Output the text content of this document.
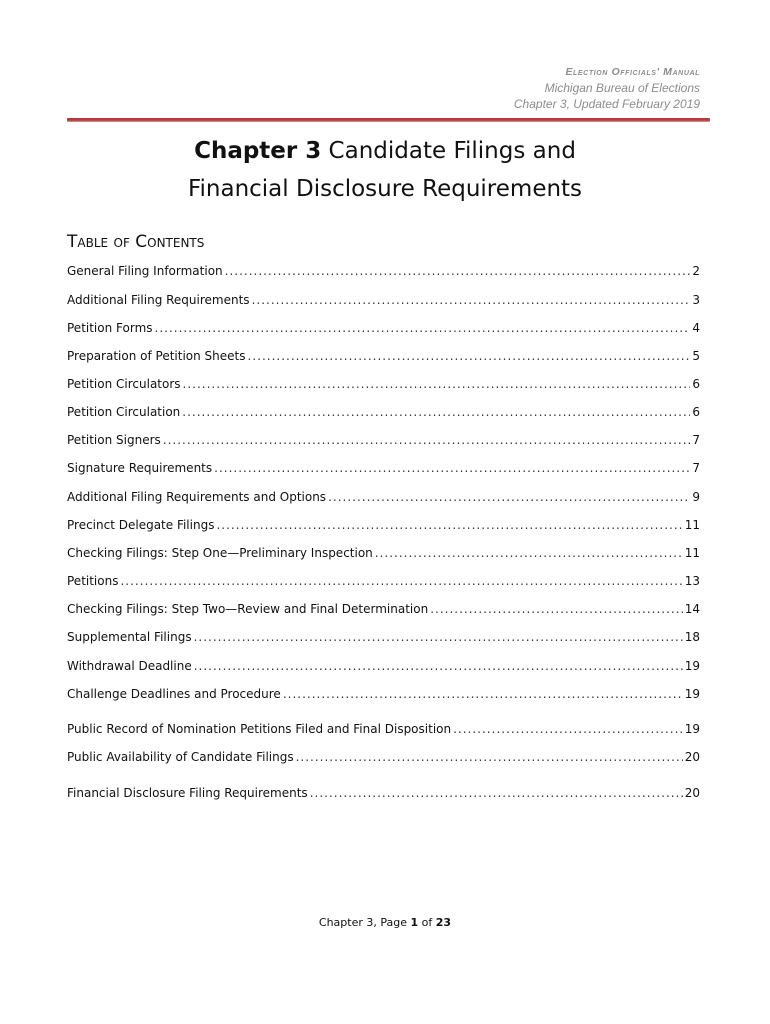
Election Officials' Manual
Michigan Bureau of Elections
Chapter 3, Updated February 2019
Chapter 3 Candidate Filings and
Financial Disclosure Requirements
Table of Contents
General Filing Information .....	2
Additional Filing Requirements .....	3
Petition Forms .....	4
Preparation of Petition Sheets .....	5
Petition Circulators .....	6
Petition Circulation .....	6
Petition Signers .....	7
Signature Requirements .....	7
Additional Filing Requirements and Options .....	9
Precinct Delegate Filings .....	11
Checking Filings: Step One—Preliminary Inspection .....	11
Petitions .....	13
Checking Filings: Step Two—Review and Final Determination .....	14
Supplemental Filings .....	18
Withdrawal Deadline .....	19
Challenge Deadlines and Procedure .....	19
Public Record of Nomination Petitions Filed and Final Disposition .....	19
Public Availability of Candidate Filings .....	20
Financial Disclosure Filing Requirements .....	20
Chapter 3, Page 1 of 23
